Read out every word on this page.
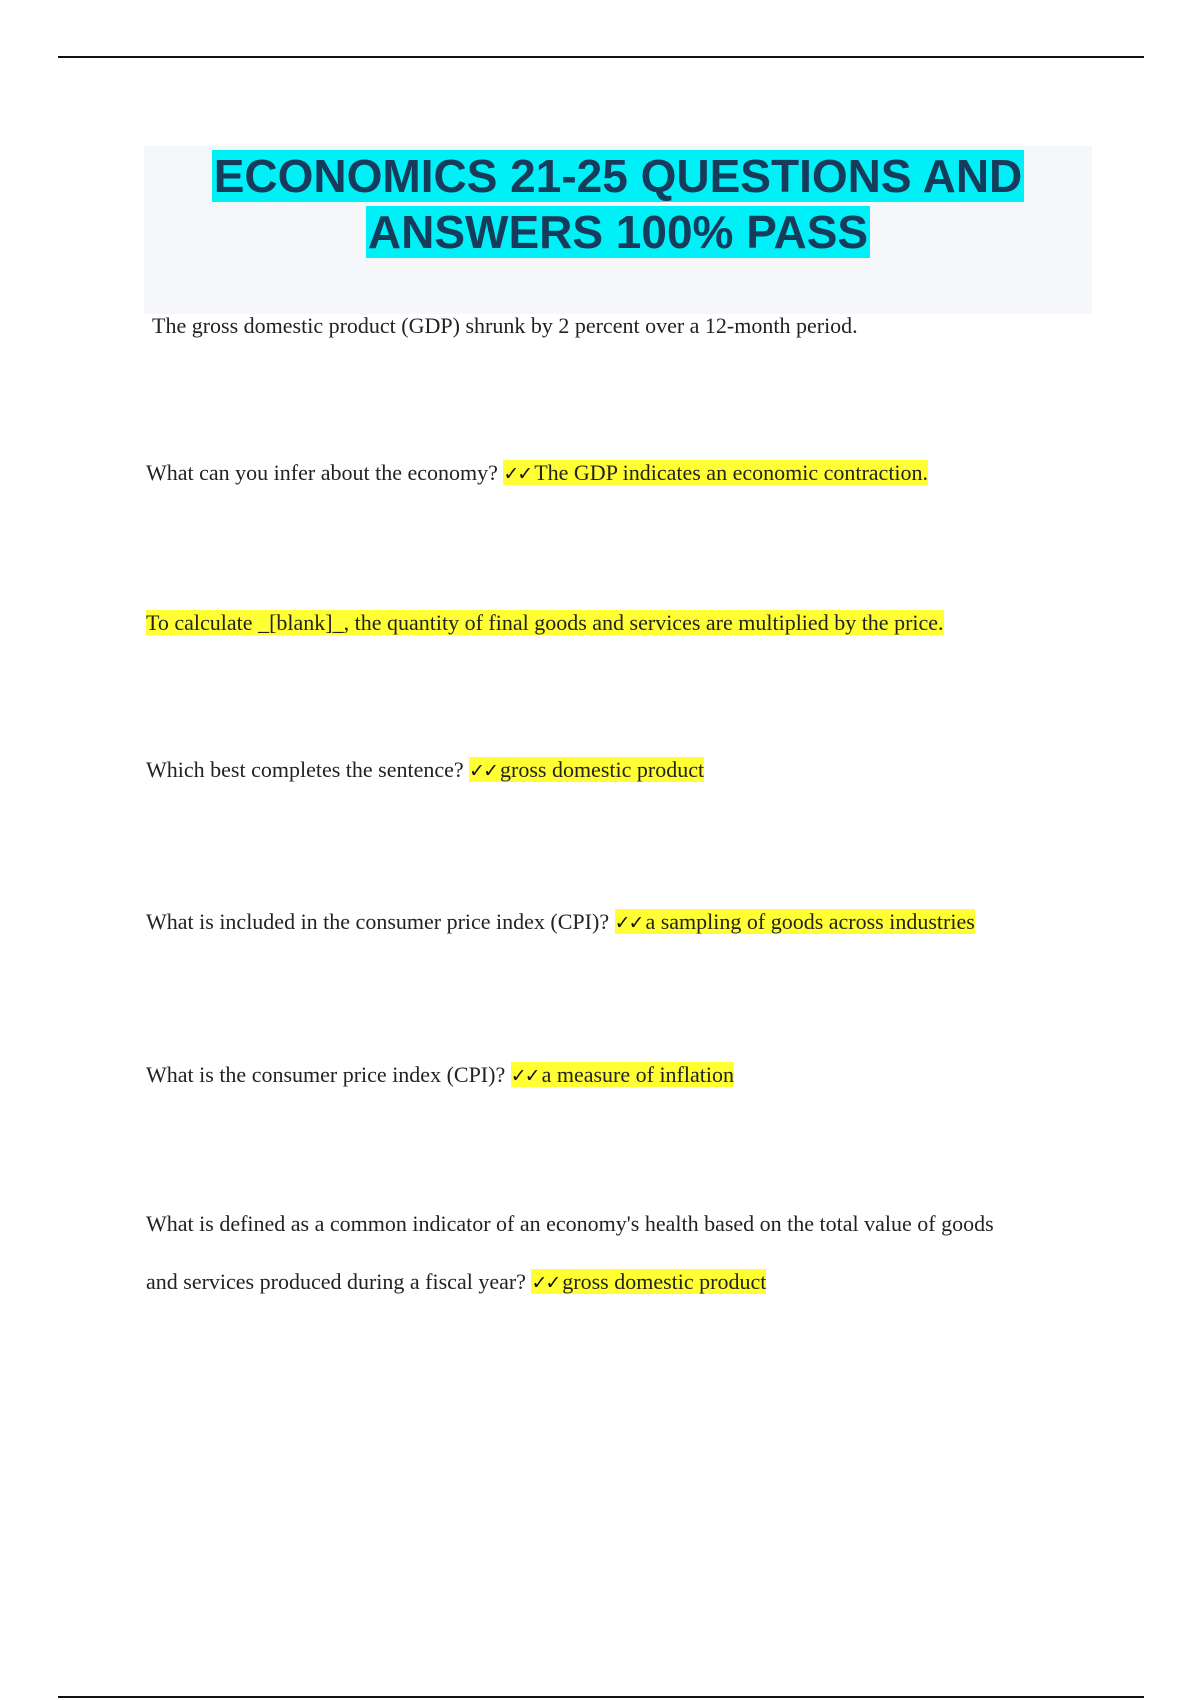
ECONOMICS 21-25 QUESTIONS AND
ANSWERS 100% PASS
The gross domestic product (GDP) shrunk by 2 percent over a 12-month period.
What can you infer about the economy? ✓✓ The GDP indicates an economic contraction.
To calculate _[blank]_, the quantity of final goods and services are multiplied by the price.
Which best completes the sentence? ✓✓ gross domestic product
What is included in the consumer price index (CPI)? ✓✓ a sampling of goods across industries
What is the consumer price index (CPI)? ✓✓ a measure of inflation
What is defined as a common indicator of an economy's health based on the total value of goods
and services produced during a fiscal year? ✓✓ gross domestic product
